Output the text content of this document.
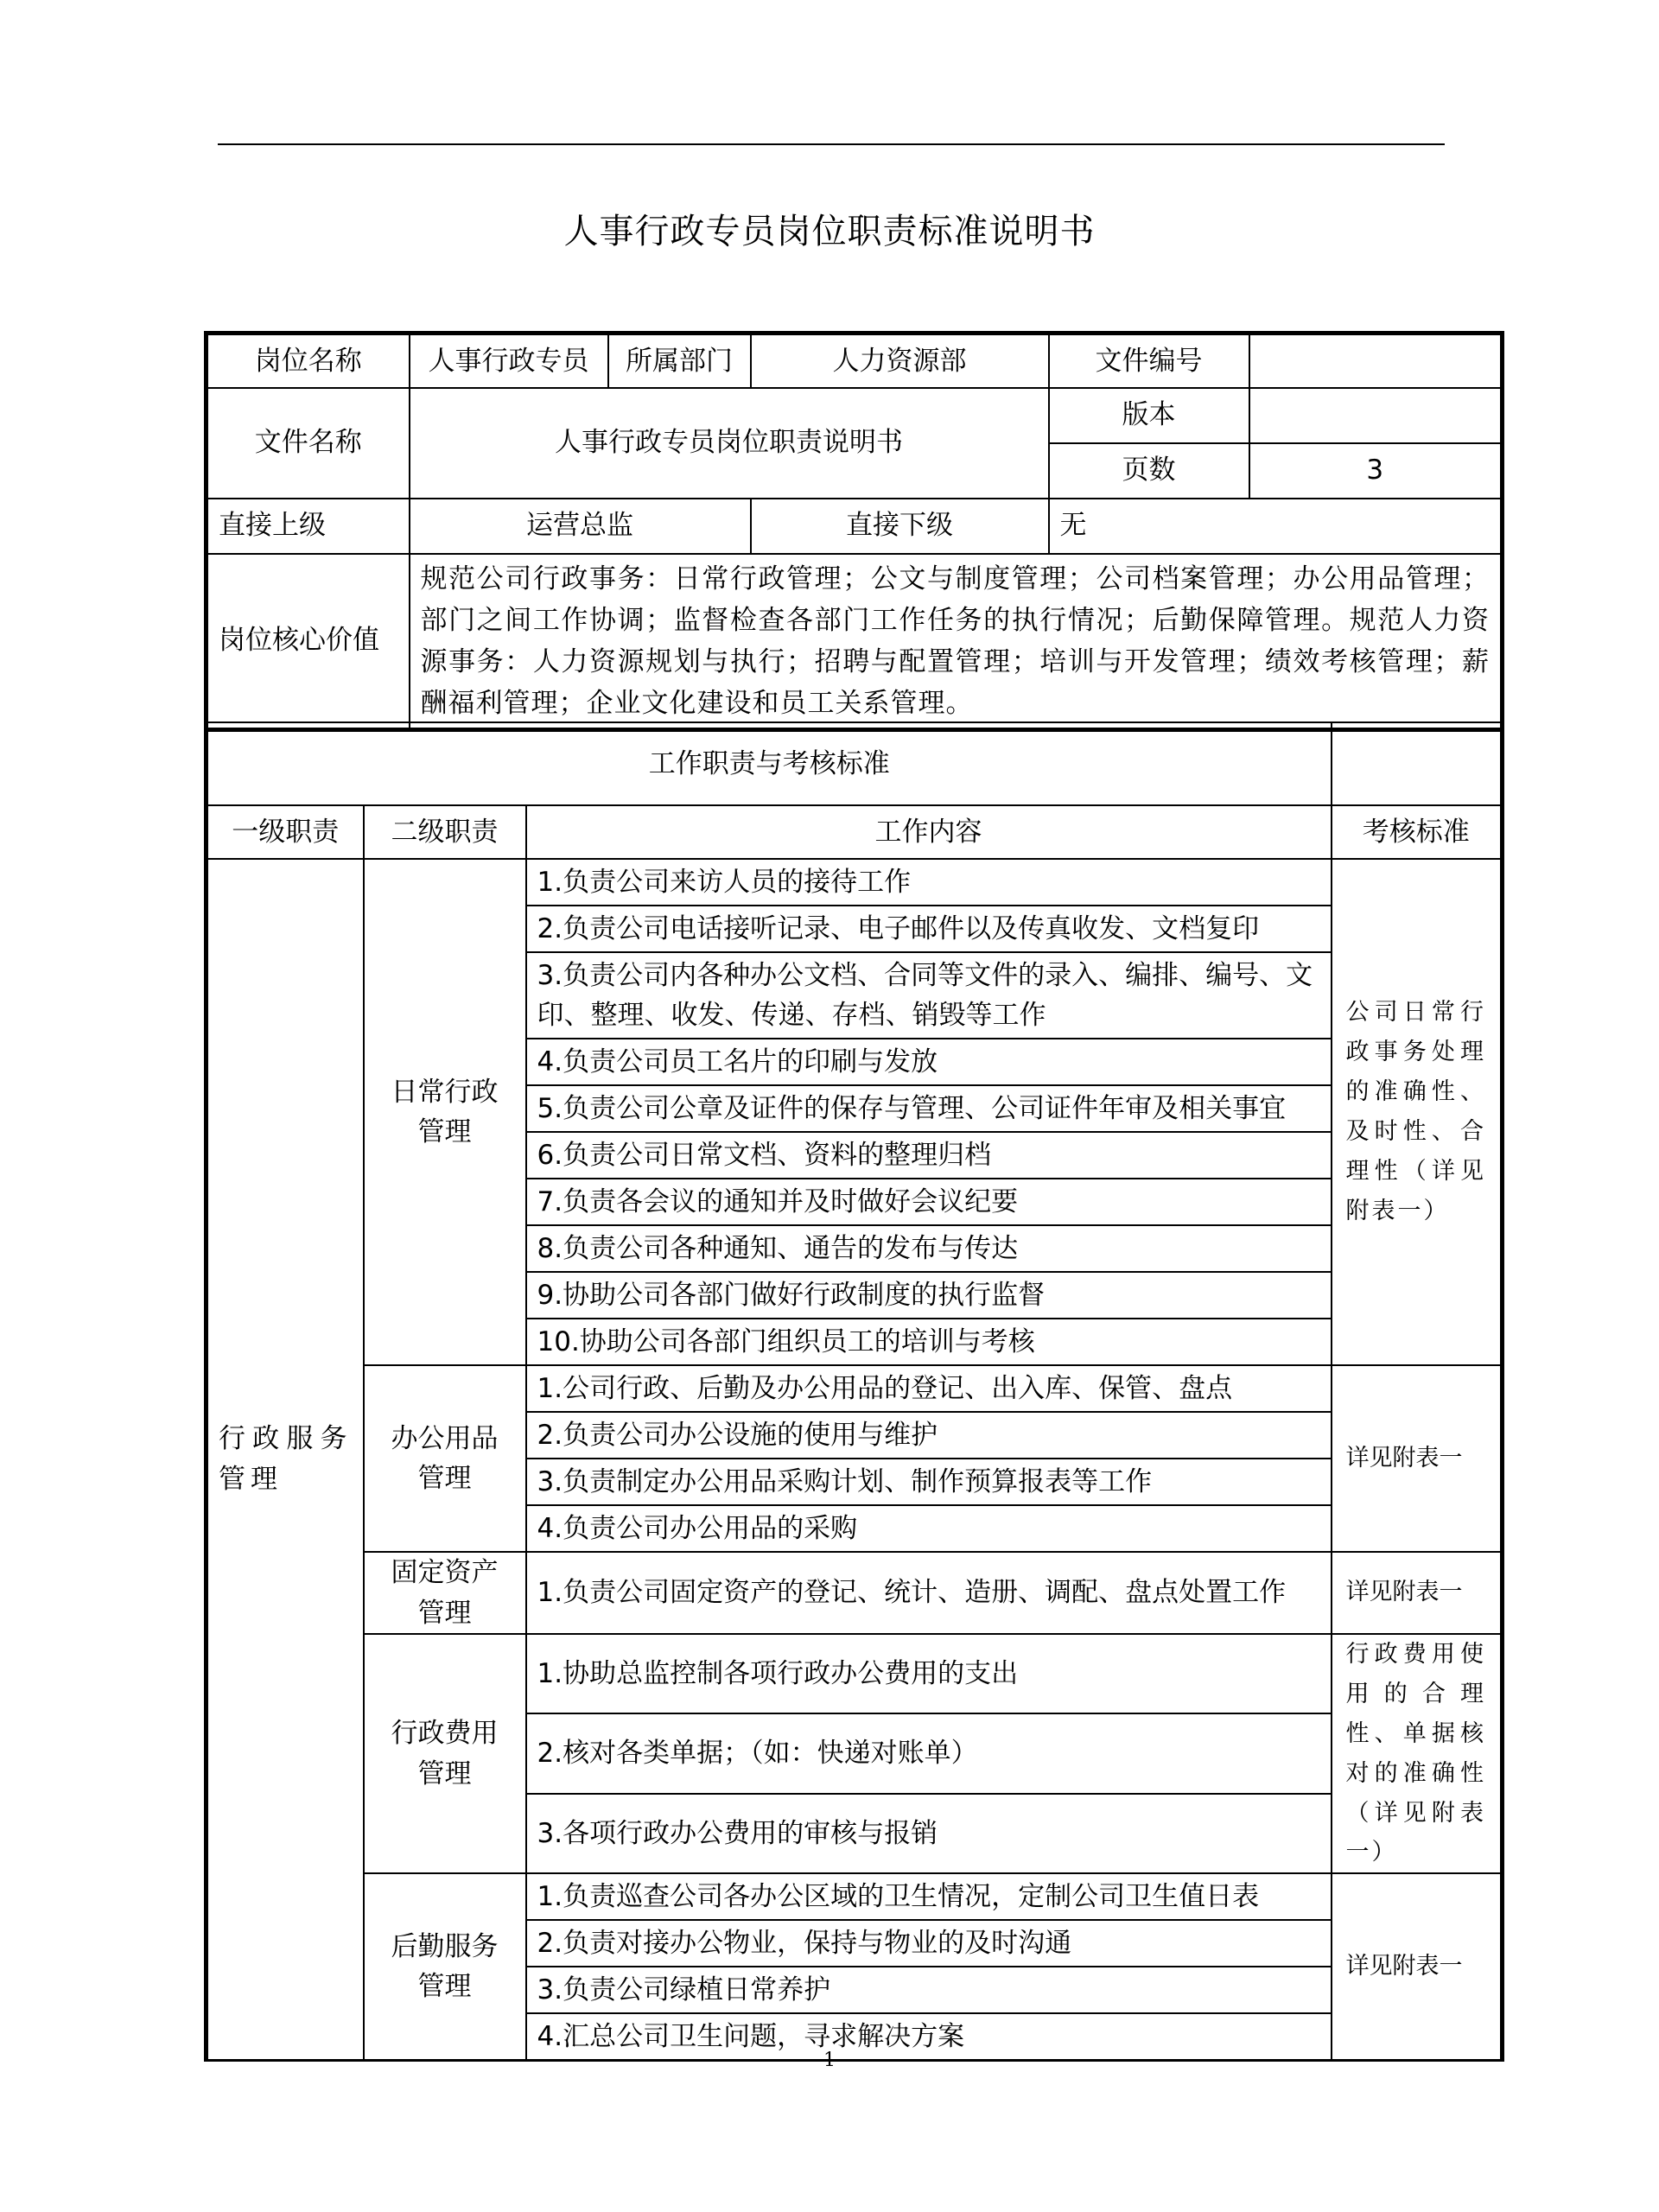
人事行政专员岗位职责标准说明书
岗位名称	人事行政专员	所属部门	人力资源部	文件编号	
文件名称	人事行政专员岗位职责说明书			版本	
				页数	3
直接上级	运营总监		直接下级	无	
岗位核心价值	规范公司行政事务：日常行政管理；公文与制度管理；公司档案管理；办公用品管理；部门之间工作协调；监督检查各部门工作任务的执行情况；后勤保障管理。规范人力资源事务：人力资源规划与执行；招聘与配置管理；培训与开发管理；绩效考核管理；薪酬福利管理；企业文化建设和员工关系管理。				
工作职责与考核标准			
一级职责	二级职责	工作内容	考核标准
行政服务管理	日常行政管理	1.负责公司来访人员的接待工作	公司日常行政事务处理的准确性、及时性、合理性（详见附表一）
		2.负责公司电话接听记录、电子邮件以及传真收发、文档复印	
		3.负责公司内各种办公文档、合同等文件的录入、编排、编号、文印、整理、收发、传递、存档、销毁等工作	
		4.负责公司员工名片的印刷与发放	
		5.负责公司公章及证件的保存与管理、公司证件年审及相关事宜	
		6.负责公司日常文档、资料的整理归档	
		7.负责各会议的通知并及时做好会议纪要	
		8.负责公司各种通知、通告的发布与传达	
		9.协助公司各部门做好行政制度的执行监督	
		10.协助公司各部门组织员工的培训与考核	
	办公用品管理	1.公司行政、后勤及办公用品的登记、出入库、保管、盘点	详见附表一
		2.负责公司办公设施的使用与维护	
		3.负责制定办公用品采购计划、制作预算报表等工作	
		4.负责公司办公用品的采购	
	固定资产管理	1.负责公司固定资产的登记、统计、造册、调配、盘点处置工作	详见附表一
	行政费用管理	1.协助总监控制各项行政办公费用的支出	行政费用使用的合理性、单据核对的准确性（详见附表一）
		2.核对各类单据；（如：快递对账单）	
		3.各项行政办公费用的审核与报销	
	后勤服务管理	1.负责巡查公司各办公区域的卫生情况，定制公司卫生值日表	详见附表一
		2.负责对接办公物业，保持与物业的及时沟通	
		3.负责公司绿植日常养护	
		4.汇总公司卫生问题，寻求解决方案	
1
